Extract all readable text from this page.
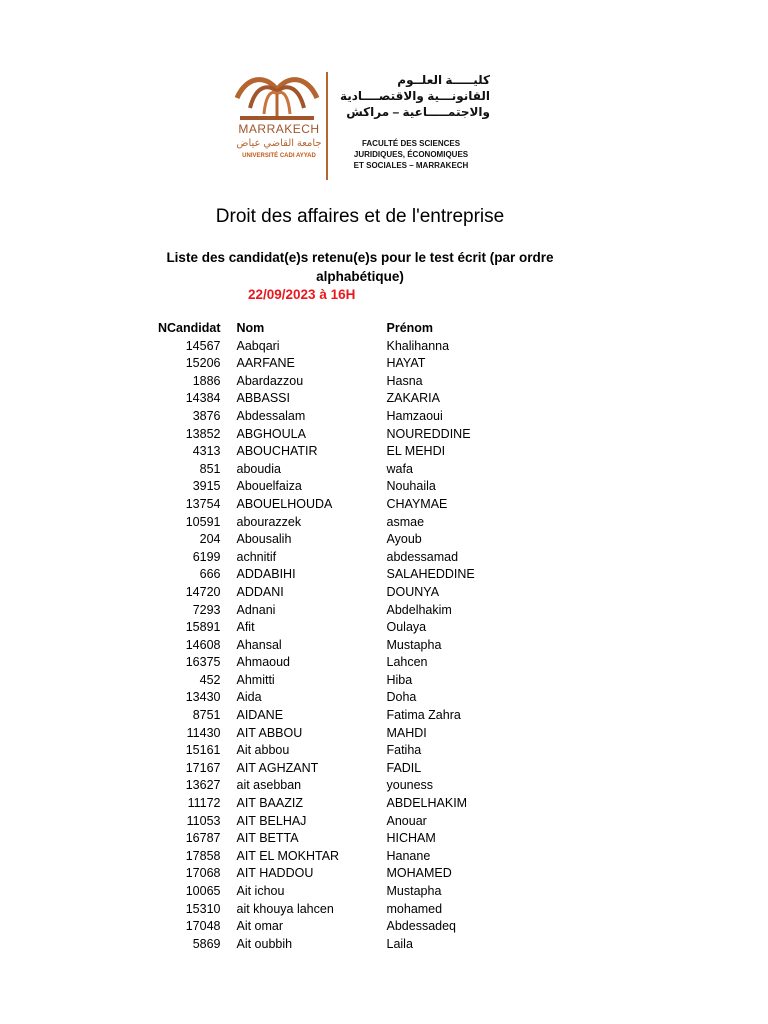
MARRAKECH
جامعة القاضي عياض
UNIVERSITÉ CADI AYYAD
كليـــــة العلــوم
القانونـــية والاقتصــــادية
والاجتمـــــاعية – مراكش
FACULTÉ DES SCIENCES
JURIDIQUES, ÉCONOMIQUES
ET SOCIALES – MARRAKECH
Droit des affaires et de l'entreprise
Liste des candidat(e)s retenu(e)s pour le test écrit (par ordre alphabétique)
22/09/2023 à 16H
NCandidat	Nom	Prénom
14567	Aabqari	Khalihanna
15206	AARFANE	HAYAT
1886	Abardazzou	Hasna
14384	ABBASSI	ZAKARIA
3876	Abdessalam	Hamzaoui
13852	ABGHOULA	NOUREDDINE
4313	ABOUCHATIR	EL MEHDI
851	aboudia	wafa
3915	Abouelfaiza	Nouhaila
13754	ABOUELHOUDA	CHAYMAE
10591	abourazzek	asmae
204	Abousalih	Ayoub
6199	achnitif	abdessamad
666	ADDABIHI	SALAHEDDINE
14720	ADDANI	DOUNYA
7293	Adnani	Abdelhakim
15891	Afit	Oulaya
14608	Ahansal	Mustapha
16375	Ahmaoud	Lahcen
452	Ahmitti	Hiba
13430	Aida	Doha
8751	AIDANE	Fatima Zahra
11430	AIT ABBOU	MAHDI
15161	Ait abbou	Fatiha
17167	AIT AGHZANT	FADIL
13627	ait asebban	youness
11172	AIT BAAZIZ	ABDELHAKIM
11053	AIT BELHAJ	Anouar
16787	AIT BETTA	HICHAM
17858	AIT EL MOKHTAR	Hanane
17068	AIT HADDOU	MOHAMED
10065	Ait ichou	Mustapha
15310	ait khouya lahcen	mohamed
17048	Ait omar	Abdessadeq
5869	Ait oubbih	Laila
